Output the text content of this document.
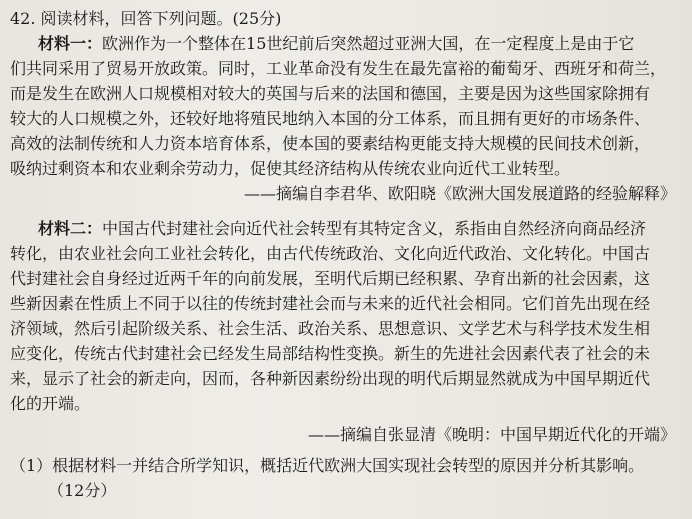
42. 阅读材料，回答下列问题。(25分)
材料一：欧洲作为一个整体在15世纪前后突然超过亚洲大国，在一定程度上是由于它
们共同采用了贸易开放政策。同时，工业革命没有发生在最先富裕的葡萄牙、西班牙和荷兰，
而是发生在欧洲人口规模相对较大的英国与后来的法国和德国，主要是因为这些国家除拥有
较大的人口规模之外，还较好地将殖民地纳入本国的分工体系，而且拥有更好的市场条件、
高效的法制传统和人力资本培育体系，使本国的要素结构更能支持大规模的民间技术创新，
吸纳过剩资本和农业剩余劳动力，促使其经济结构从传统农业向近代工业转型。
——摘编自李君华、欧阳晓《欧洲大国发展道路的经验解释》
材料二：中国古代封建社会向近代社会转型有其特定含义，系指由自然经济向商品经济
转化，由农业社会向工业社会转化，由古代传统政治、文化向近代政治、文化转化。中国古
代封建社会自身经过近两千年的向前发展，至明代后期已经积累、孕育出新的社会因素，这
些新因素在性质上不同于以往的传统封建社会而与未来的近代社会相同。它们首先出现在经
济领域，然后引起阶级关系、社会生活、政治关系、思想意识、文学艺术与科学技术发生相
应变化，传统古代封建社会已经发生局部结构性变换。新生的先进社会因素代表了社会的未
来，显示了社会的新走向，因而，各种新因素纷纷出现的明代后期显然就成为中国早期近代
化的开端。
——摘编自张显清《晚明：中国早期近代化的开端》
（1）根据材料一并结合所学知识，概括近代欧洲大国实现社会转型的原因并分析其影响。
（12分）
